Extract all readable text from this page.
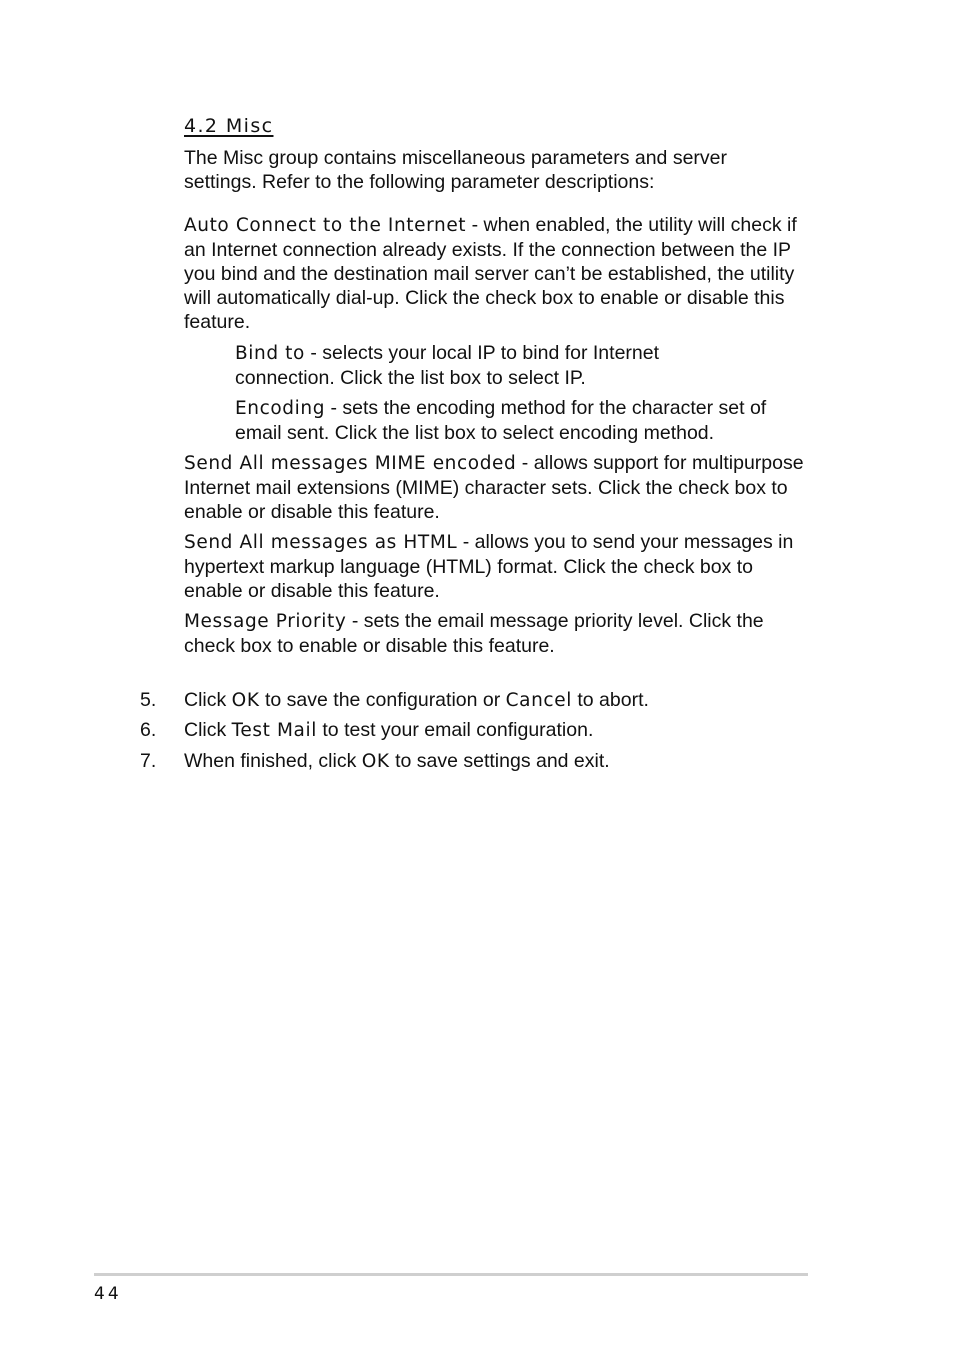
4.2 Misc

The Misc group contains miscellaneous parameters and server settings. Refer to the following parameter descriptions:

Auto Connect to the Internet - when enabled, the utility will check if an Internet connection already exists. If the connection between the IP you bind and the destination mail server can’t be established, the utility will automatically dial-up. Click the check box to enable or disable this feature.

Bind to - selects your local IP to bind for Internet connection. Click the list box to select IP.

Encoding - sets the encoding method for the character set of email sent. Click the list box to select encoding method.

Send All messages MIME encoded - allows support for multipurpose Internet mail extensions (MIME) character sets. Click the check box to enable or disable this feature.

Send All messages as HTML - allows you to send your messages in hypertext markup language (HTML) format. Click the check box to enable or disable this feature.

Message Priority - sets the email message priority level. Click the check box to enable or disable this feature.

5. Click OK to save the configuration or Cancel to abort.
6. Click Test Mail to test your email configuration.
7. When finished, click OK to save settings and exit.
44
